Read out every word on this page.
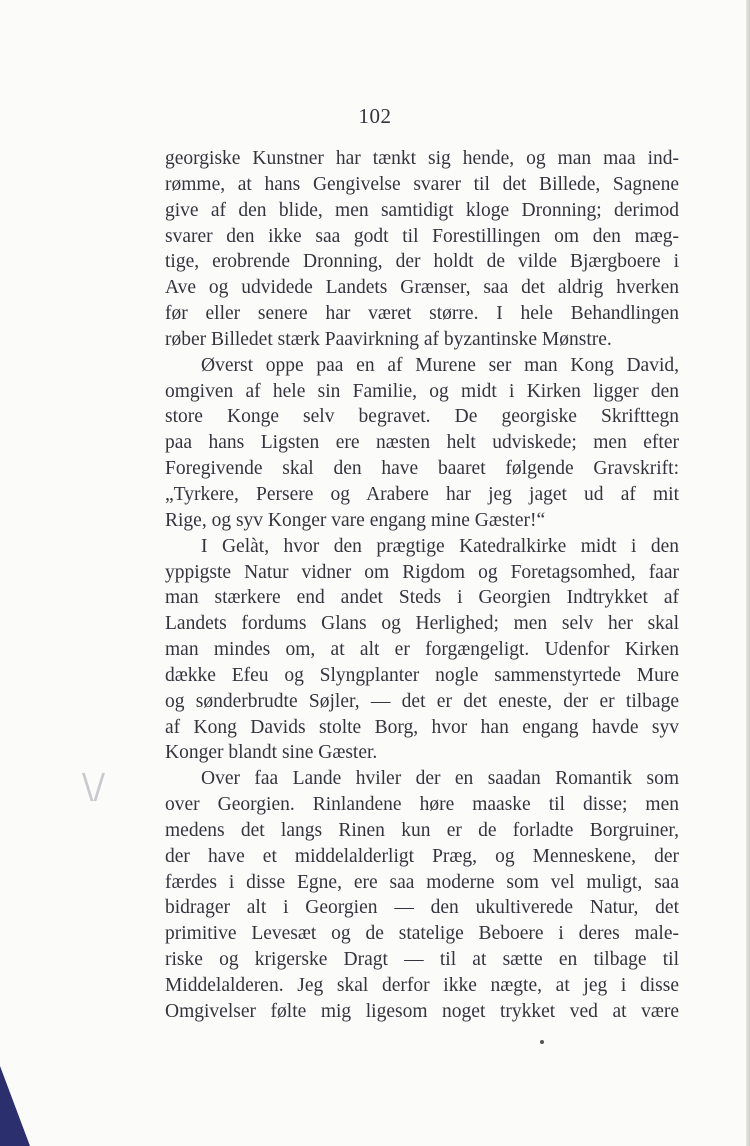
\/
102
georgiske Kunstner har tænkt sig hende, og man maa ind-
rømme, at hans Gengivelse svarer til det Billede, Sagnene
give af den blide, men samtidigt kloge Dronning; derimod
svarer den ikke saa godt til Forestillingen om den mæg-
tige, erobrende Dronning, der holdt de vilde Bjærgboere i
Ave og udvidede Landets Grænser, saa det aldrig hverken
før eller senere har været større. I hele Behandlingen
røber Billedet stærk Paavirkning af byzantinske Mønstre.
Øverst oppe paa en af Murene ser man Kong David,
omgiven af hele sin Familie, og midt i Kirken ligger den
store Konge selv begravet. De georgiske Skrifttegn
paa hans Ligsten ere næsten helt udviskede; men efter
Foregivende skal den have baaret følgende Gravskrift:
„Tyrkere, Persere og Arabere har jeg jaget ud af mit
Rige, og syv Konger vare engang mine Gæster!“
I Gelàt, hvor den prægtige Katedralkirke midt i den
yppigste Natur vidner om Rigdom og Foretagsomhed, faar
man stærkere end andet Steds i Georgien Indtrykket af
Landets fordums Glans og Herlighed; men selv her skal
man mindes om, at alt er forgængeligt. Udenfor Kirken
dække Efeu og Slyngplanter nogle sammenstyrtede Mure
og sønderbrudte Søjler, — det er det eneste, der er tilbage
af Kong Davids stolte Borg, hvor han engang havde syv
Konger blandt sine Gæster.
Over faa Lande hviler der en saadan Romantik som
over Georgien. Rinlandene høre maaske til disse; men
medens det langs Rinen kun er de forladte Borgruiner,
der have et middelalderligt Præg, og Menneskene, der
færdes i disse Egne, ere saa moderne som vel muligt, saa
bidrager alt i Georgien — den ukultiverede Natur, det
primitive Levesæt og de statelige Beboere i deres male-
riske og krigerske Dragt — til at sætte en tilbage til
Middelalderen. Jeg skal derfor ikke nægte, at jeg i disse
Omgivelser følte mig ligesom noget trykket ved at være
